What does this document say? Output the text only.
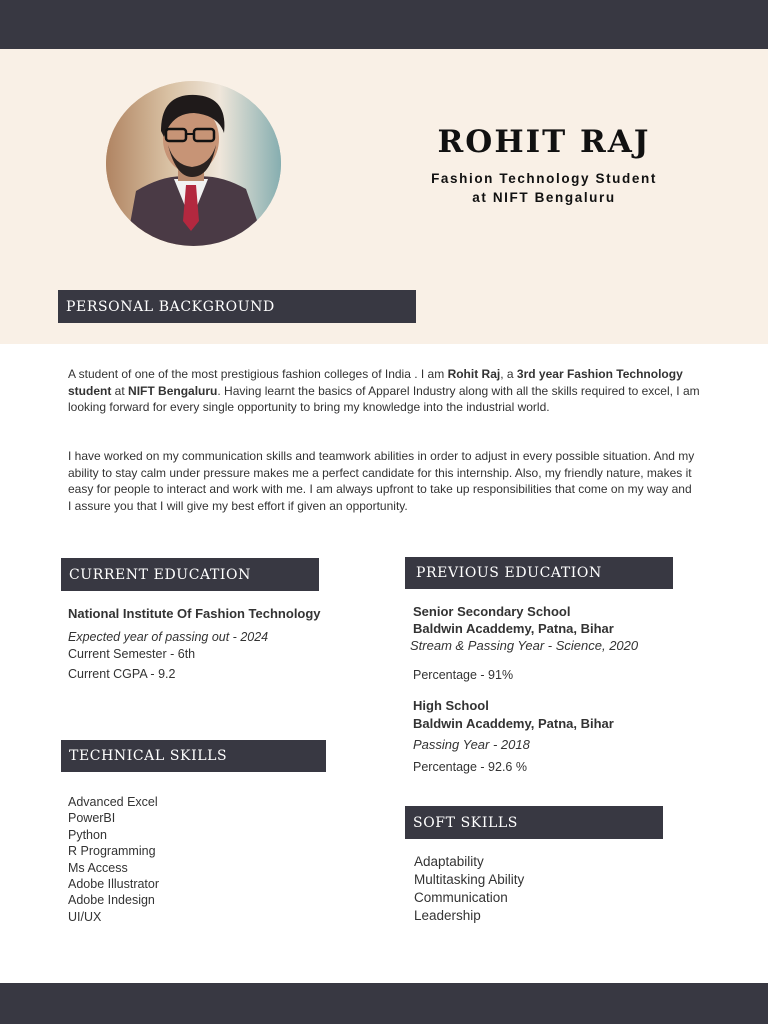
ROHIT RAJ
Fashion Technology Student
at NIFT Bengaluru
PERSONAL BACKGROUND
A student of one of the most prestigious fashion colleges of India . I am Rohit Raj, a 3rd year Fashion Technology student at NIFT Bengaluru. Having learnt the basics of Apparel Industry along with all the skills required to excel, I am looking forward for every single opportunity to bring my knowledge into the industrial world.
I have worked on my communication skills and teamwork abilities in order to adjust in every possible situation. And my ability to stay calm under pressure makes me a perfect candidate for this internship. Also, my friendly nature, makes it easy for people to interact and work with me. I am always upfront to take up responsibilities that come on my way and I assure you that I will give my best effort if given an opportunity.
CURRENT EDUCATION
National Institute Of Fashion Technology
Expected year of passing out - 2024
Current Semester - 6th
Current CGPA - 9.2
PREVIOUS EDUCATION
Senior Secondary School
Baldwin Acaddemy, Patna, Bihar
Stream & Passing Year - Science, 2020
Percentage - 91%
High School
Baldwin Acaddemy, Patna, Bihar
Passing Year - 2018
Percentage - 92.6 %
TECHNICAL SKILLS
Advanced Excel
PowerBI
Python
R Programming
Ms Access
Adobe Illustrator
Adobe Indesign
UI/UX
SOFT SKILLS
Adaptability
Multitasking Ability
Communication
Leadership
